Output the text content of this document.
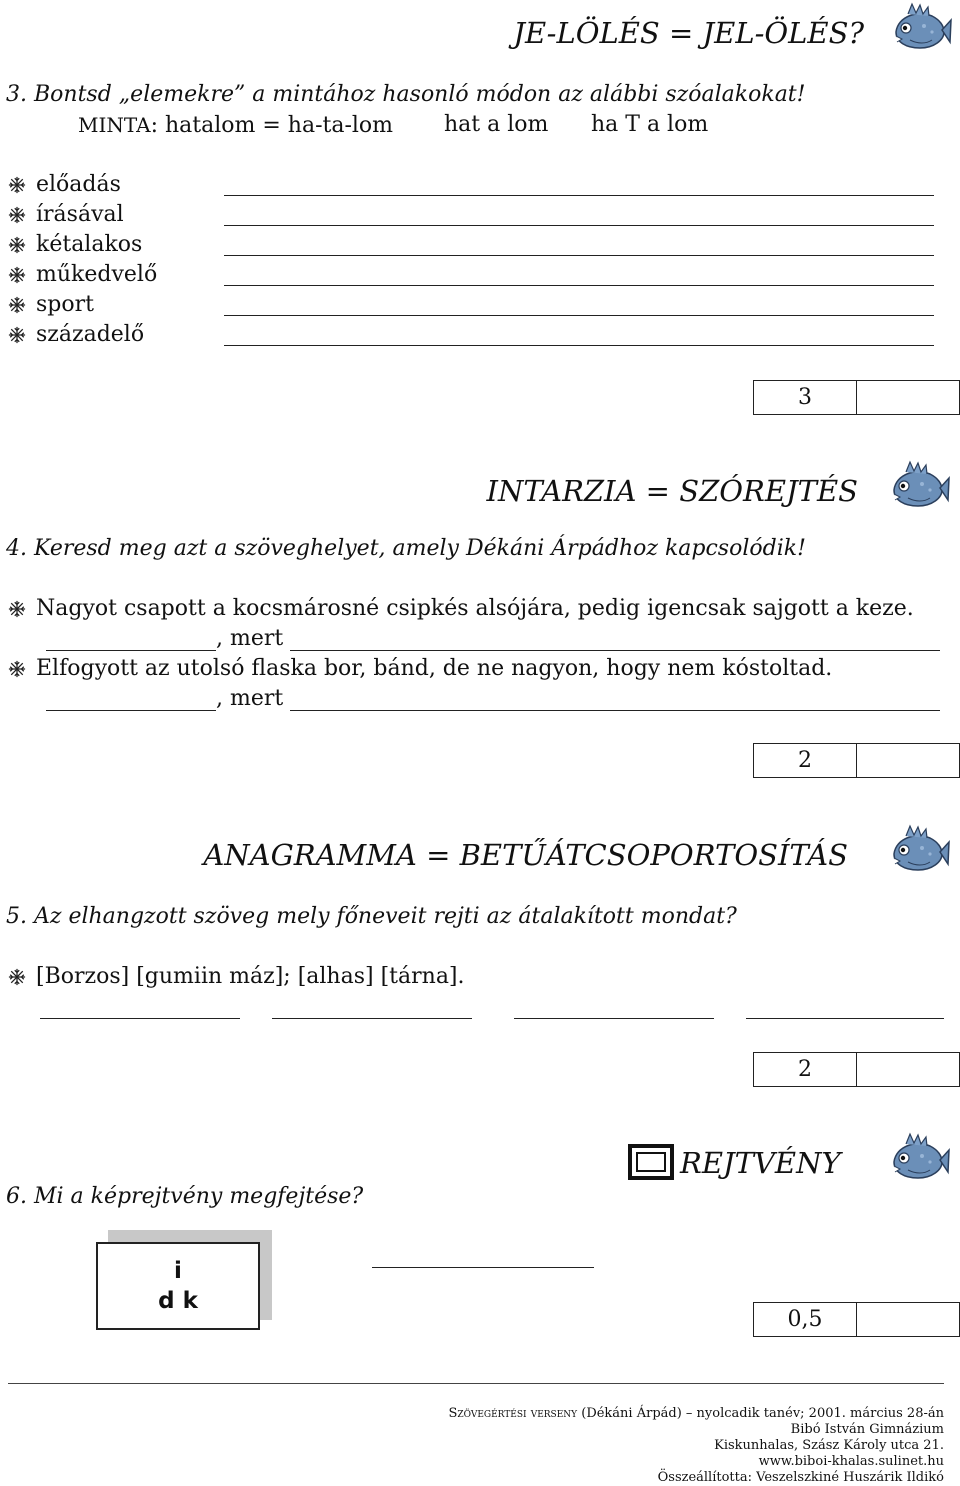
JE-LÖLÉS = JEL-ÖLÉS?
3. Bontsd „elemekre” a mintához hasonló módon az alábbi szóalakokat!
MINTA: hatalom = ha-ta-lom hat a lom ha T a lom
előadás
írásával
kétalakos
műkedvelő
sport
századelő
3
INTARZIA = SZÓREJTÉS
4. Keresd meg azt a szöveghelyet, amely Dékáni Árpádhoz kapcsolódik!
Nagyot csapott a kocsmárosné csipkés alsójára, pedig igencsak sajgott a keze.
, mert
Elfogyott az utolsó flaska bor, bánd, de ne nagyon, hogy nem kóstoltad.
, mert
2
ANAGRAMMA = BETŰÁTCSOPORTOSÍTÁS
5. Az elhangzott szöveg mely főneveit rejti az átalakított mondat?
[Borzos] [gumiin máz]; [alhas] [tárna].
2
REJTVÉNY
6. Mi a képrejtvény megfejtése?
i
d k
0,5
Szövegértési verseny (Dékáni Árpád) – nyolcadik tanév; 2001. március 28-án
Bibó István Gimnázium
Kiskunhalas, Szász Károly utca 21.
www.biboi-khalas.sulinet.hu
Összeállította: Veszelszkiné Huszárik Ildikó
